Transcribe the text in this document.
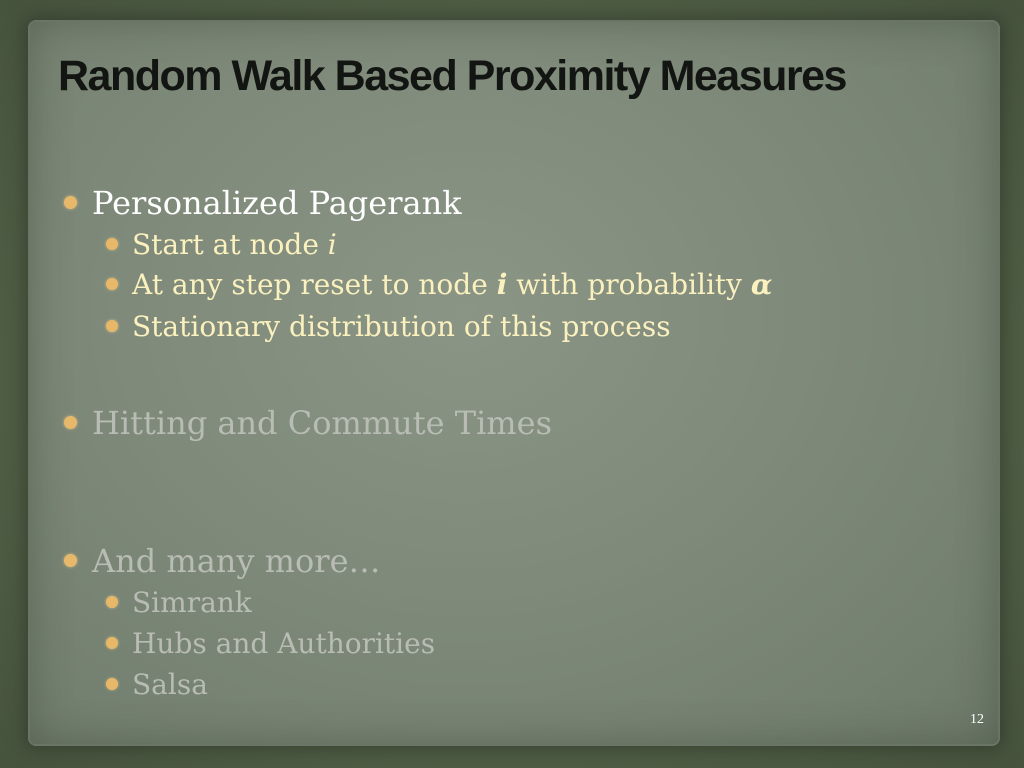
Random Walk Based Proximity Measures
Personalized Pagerank
Start at node i
At any step reset to node i with probability α
Stationary distribution of this process
Hitting and Commute Times
And many more…
Simrank
Hubs and Authorities
Salsa
12
